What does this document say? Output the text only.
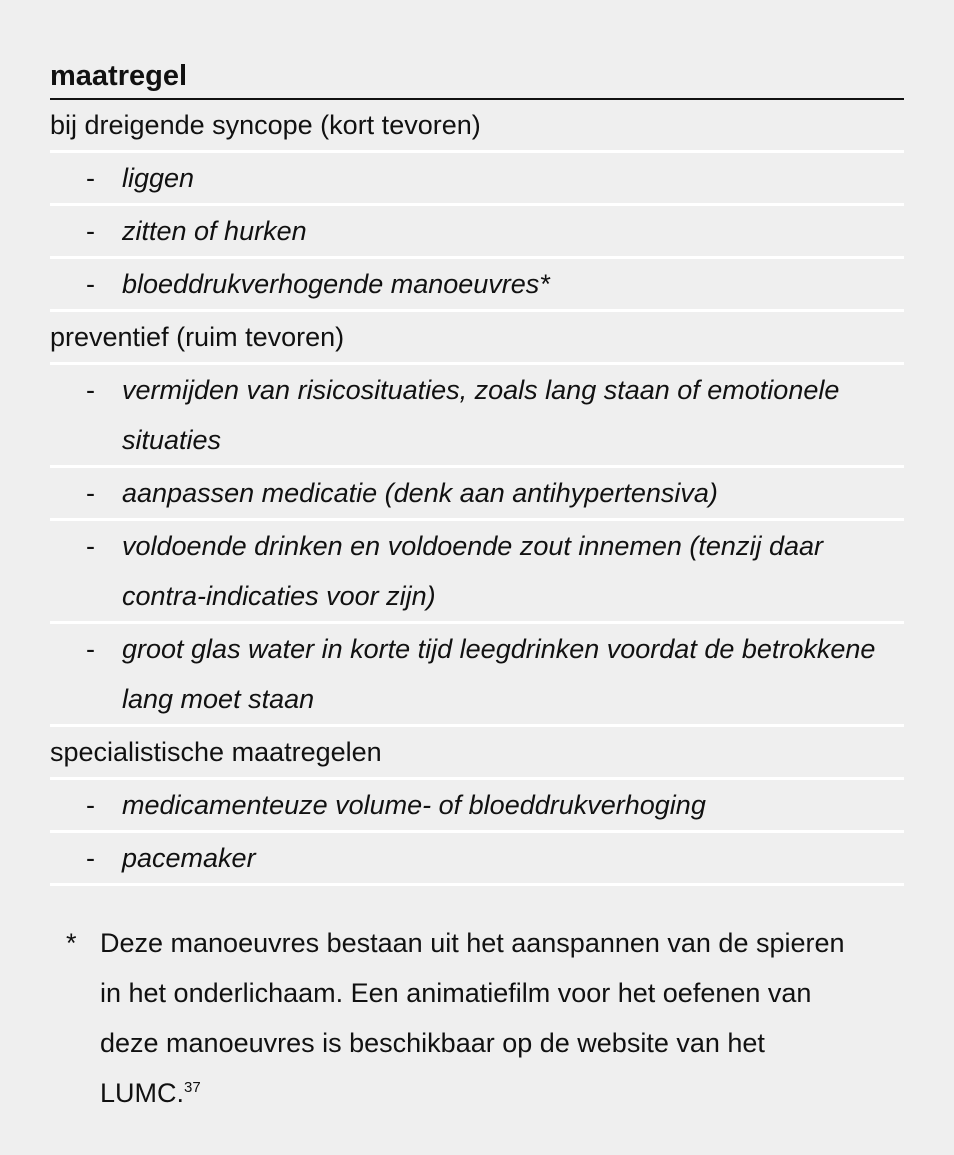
maatregel
bij dreigende syncope (kort tevoren)
-	liggen
-	zitten of hurken
-	bloeddrukverhogende manoeuvres*
preventief (ruim tevoren)
-	vermijden van risicosituaties, zoals lang staan of emotionele situaties
-	aanpassen medicatie (denk aan antihypertensiva)
-	voldoende drinken en voldoende zout innemen (tenzij daar contra-indicaties voor zijn)
-	groot glas water in korte tijd leegdrinken voordat de betrokkene lang moet staan
specialistische maatregelen
-	medicamenteuze volume- of bloeddrukverhoging
-	pacemaker
* Deze manoeuvres bestaan uit het aanspannen van de spieren in het onderlichaam. Een animatiefilm voor het oefenen van deze manoeuvres is beschikbaar op de website van het LUMC.$^{37}$
